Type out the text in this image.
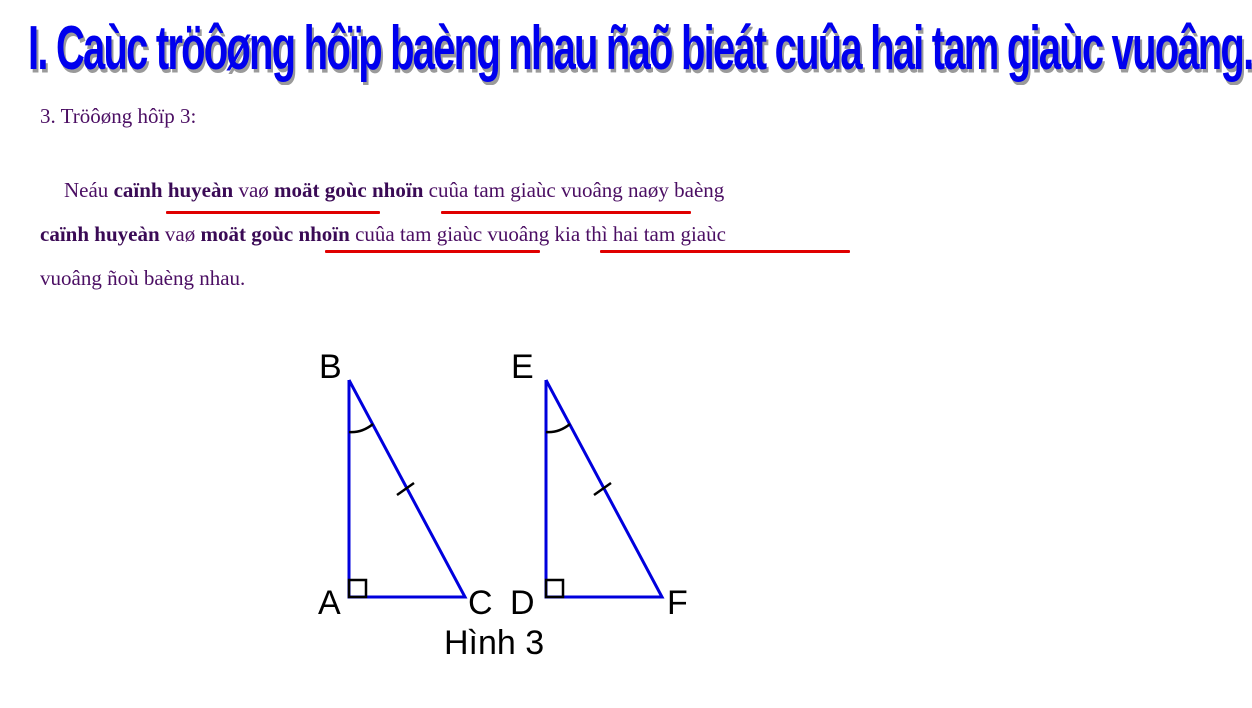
I. Caùc tröôøng hôïp baèng nhau ñaõ bieát cuûa hai tam giaùc vuoâng.
3. Tröôøng hôïp 3:
Neáu caïnh huyeàn vaø moät goùc nhoïn cuûa tam giaùc vuoâng naøy baèng
caïnh huyeàn vaø moät goùc nhoïn cuûa tam giaùc vuoâng kia thì hai tam giaùc
vuoâng ñoù baèng nhau.
B
A	C
E
D	F
Hình 3
